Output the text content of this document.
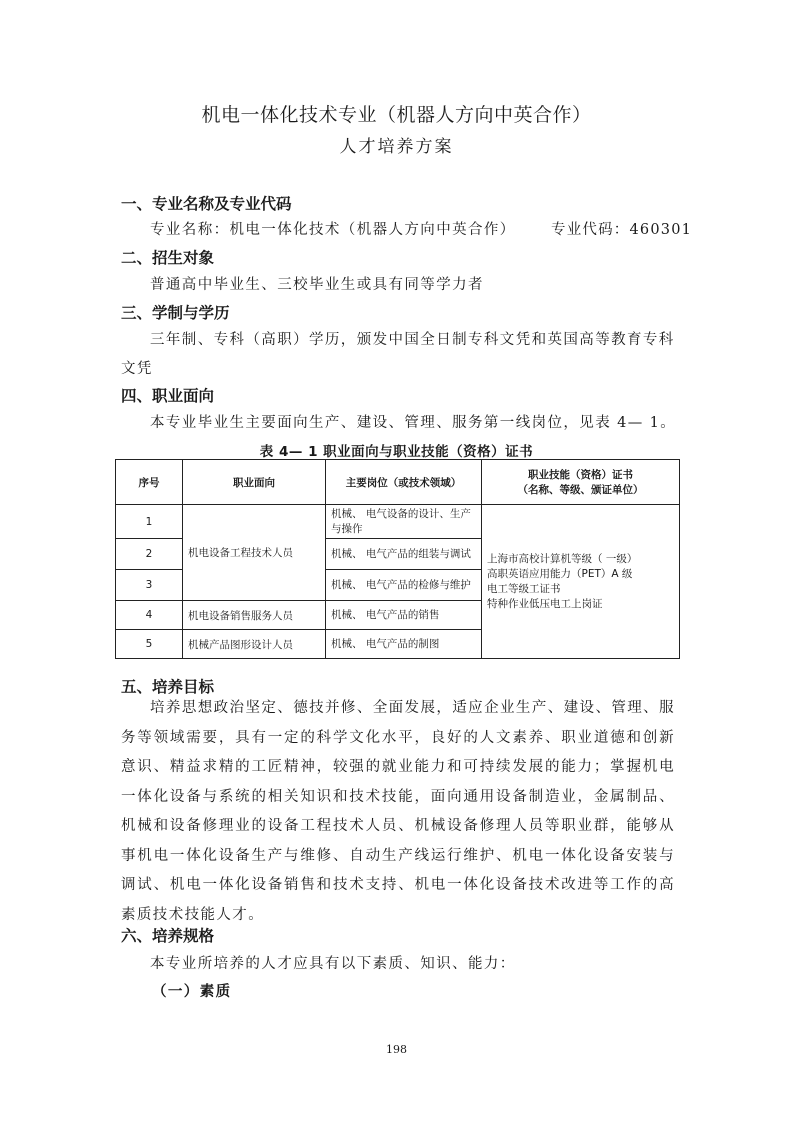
机电一体化技术专业（机器人方向中英合作）
人才培养方案
一、专业名称及专业代码
专业名称：机电一体化技术（机器人方向中英合作） 专业代码：460301
二、招生对象
普通高中毕业生、三校毕业生或具有同等学力者
三、学制与学历
三年制、专科（高职）学历，颁发中国全日制专科文凭和英国高等教育专科
文凭
四、职业面向
本专业毕业生主要面向生产、建设、管理、服务第一线岗位，见表 4— 1。
表 4— 1 职业面向与职业技能（资格）证书
序号	职业面向	主要岗位（或技术领域）	职业技能（资格）证书
（名称、等级、颁证单位）

1	机电设备工程技术人员	机械、 电气设备的设计、生产与操作	上海市高校计算机等级（ 一级）
高职英语应用能力（PET）A 级
电工等级工证书
特种作业低压电工上岗证

2		机械、 电气产品的组装与调试	
3		机械、 电气产品的检修与维护	
4	机电设备销售服务人员	机械、 电气产品的销售	
5	机械产品图形设计人员	机械、 电气产品的制图	
五、培养目标
培养思想政治坚定、德技并修、全面发展，适应企业生产、建设、管理、服务等领域需要，具有一定的科学文化水平，良好的人文素养、职业道德和创新意识、精益求精的工匠精神，较强的就业能力和可持续发展的能力；掌握机电一体化设备与系统的相关知识和技术技能，面向通用设备制造业，金属制品、机械和设备修理业的设备工程技术人员、机械设备修理人员等职业群，能够从事机电一体化设备生产与维修、自动生产线运行维护、机电一体化设备安装与调试、机电一体化设备销售和技术支持、机电一体化设备技术改进等工作的高素质技术技能人才。
六、培养规格
本专业所培养的人才应具有以下素质、知识、能力：
（一）素质
198
